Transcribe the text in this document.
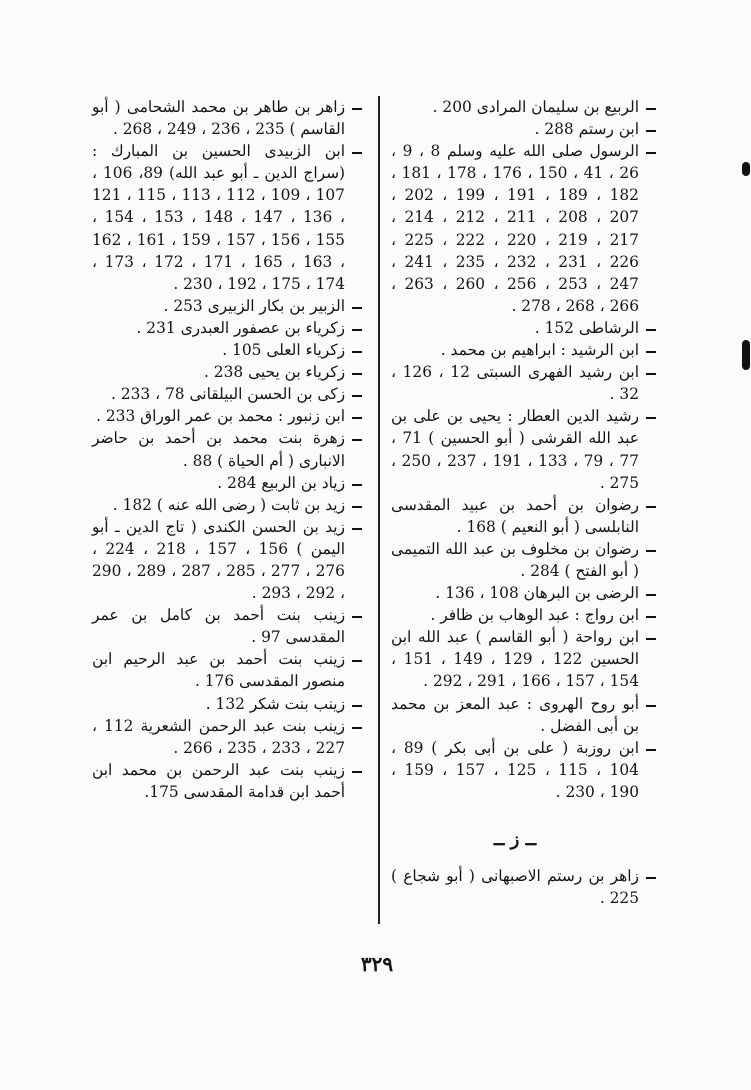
الربيع بن سليمان المرادى 200 .
ابن رستم 288 .
الرسول صلى الله عليه وسلم 8 ، 9 ، 26 ، 41 ، 150 ، 176 ، 178 ، 181 ، 182 ، 189 ، 191 ، 199 ، 202 ، 207 ، 208 ، 211 ، 212 ، 214 ، 217 ، 219 ، 220 ، 222 ، 225 ، 226 ، 231 ، 232 ، 235 ، 241 ، 247 ، 253 ، 256 ، 260 ، 263 ، 266 ، 268 ، 278 .
الرشاطى 152 .
ابن الرشيد : ابراهيم بن محمد .
ابن رشيد الفهرى السبتى 12 ، 126 ، 32 .
رشيد الدين العطار : يحيى بن على بن عبد الله القرشى ( أبو الحسين ) 71 ، 77 ، 79 ، 133 ، 191 ، 237 ، 250 ، 275 .
رضوان بن أحمد بن عبيد المقدسى النابلسى ( أبو النعيم ) 168 .
رضوان بن مخلوف بن عبد الله التميمى ( أبو الفتح ) 284 .
الرضى بن البرهان 108 ، 136 .
ابن رواج : عبد الوهاب بن ظافر .
ابن رواحة ( أبو القاسم ) عبد الله ابن الحسين 122 ، 129 ، 149 ، 151 ، 154 ، 157 ، 166 ، 291 ، 292 .
أبو روح الهروى : عبد المعز بن محمد بن أبى الفضل .
ابن روزبة ( على بن أبى بكر ) 89 ، 104 ، 115 ، 125 ، 157 ، 159 ، 190 ، 230 .
ــ ز ــ
زاهر بن رستم الاصبهانى ( أبو شجاع ) 225 .
زاهر بن طاهر بن محمد الشحامى ( أبو القاسم ) 235 ، 236 ، 249 ، 268 .
ابن الزبيدى الحسين بن المبارك : (سراج الدين ـ أبو عبد الله) 89، 106 ، 107 ، 109 ، 112 ، 113 ، 115 ، 121 ، 136 ، 147 ، 148 ، 153 ، 154 ، 155 ، 156 ، 157 ، 159 ، 161 ، 162 ، 163 ، 165 ، 171 ، 172 ، 173 ، 174 ، 175 ، 192 ، 230 .
الزبير بن بكار الزبيرى 253 .
زكرياء بن عصفور العبدرى 231 .
زكرياء العلى 105 .
زكرياء بن يحيى 238 .
زكى بن الحسن البيلقانى 78 ، 233 .
ابن زنبور : محمد بن عمر الوراق 233 .
زهرة بنت محمد بن أحمد بن حاضر الانبارى ( أم الحياة ) 88 .
زياد بن الربيع 284 .
زيد بن ثابت ( رضى الله عنه ) 182 .
زيد بن الحسن الكندى ( تاج الدين ـ أبو اليمن ) 156 ، 157 ، 218 ، 224 ، 276 ، 277 ، 285 ، 287 ، 289 ، 290 ، 292 ، 293 .
زينب بنت أحمد بن كامل بن عمر المقدسى 97 .
زينب بنت أحمد بن عبد الرحيم ابن منصور المقدسى 176 .
زينب بنت شكر 132 .
زينب بنت عبد الرحمن الشعرية 112 ، 227 ، 233 ، 235 ، 266 .
زينب بنت عبد الرحمن بن محمد ابن أحمد ابن قدامة المقدسى 175.
٣٢٩
